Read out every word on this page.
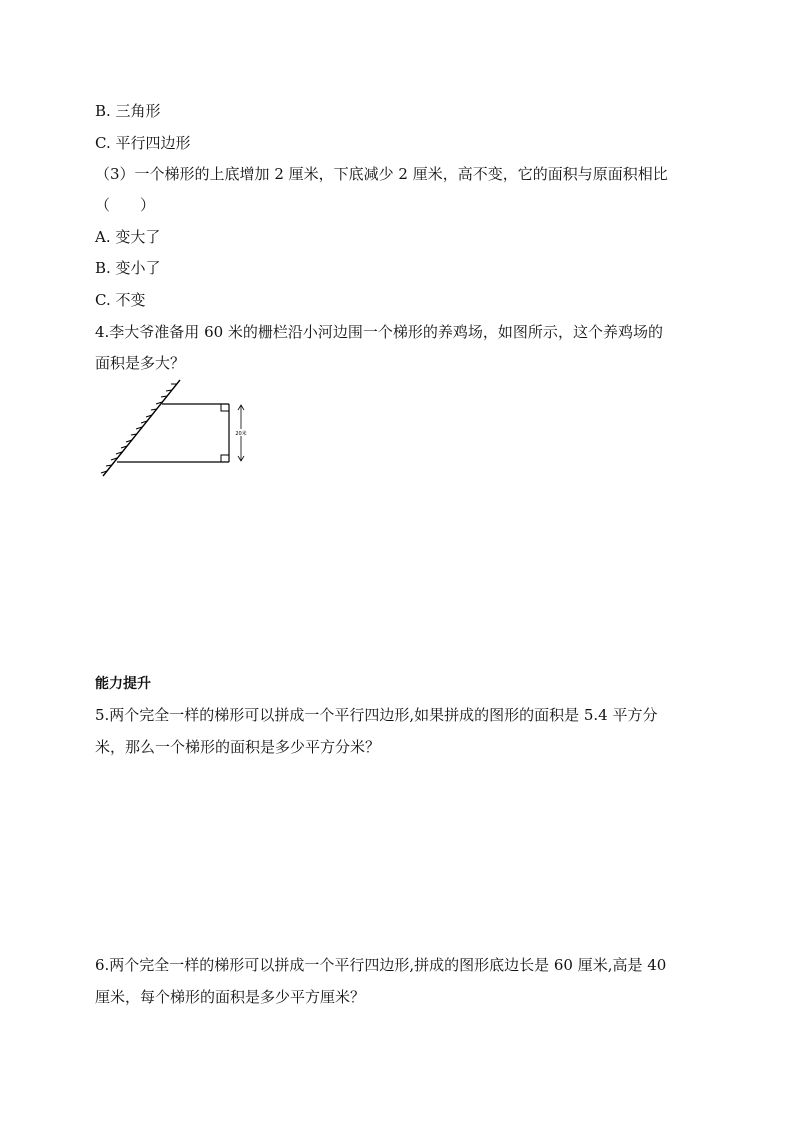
B. 三角形
C. 平行四边形
（3）一个梯形的上底增加 2 厘米，下底减少 2 厘米，高不变，它的面积与原面积相比
（　　）
A. 变大了
B. 变小了
C. 不变
4.李大爷准备用 60 米的栅栏沿小河边围一个梯形的养鸡场，如图所示，这个养鸡场的
面积是多大？
20米
能力提升
5.两个完全一样的梯形可以拼成一个平行四边形,如果拼成的图形的面积是 5.4 平方分
米，那么一个梯形的面积是多少平方分米？
6.两个完全一样的梯形可以拼成一个平行四边形,拼成的图形底边长是 60 厘米,高是 40
厘米，每个梯形的面积是多少平方厘米？
